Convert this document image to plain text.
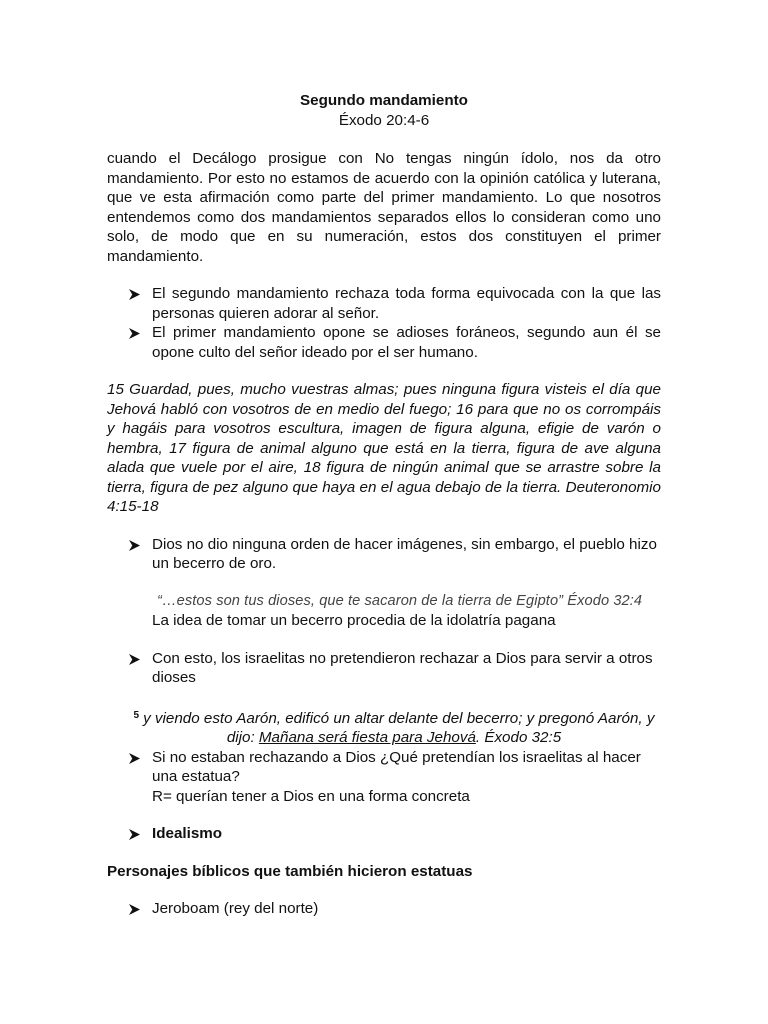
Segundo mandamiento

Éxodo 20:4-6

cuando el Decálogo prosigue con No tengas ningún ídolo, nos da otro mandamiento. Por esto no estamos de acuerdo con la opinión católica y luterana, que ve esta afirmación como parte del primer mandamiento. Lo que nosotros entendemos como dos mandamientos separados ellos lo consideran como uno solo, de modo que en su numeración, estos dos constituyen el primer mandamiento.

El segundo mandamiento rechaza toda forma equivocada con la que las personas quieren adorar al señor.
El primer mandamiento opone se adioses foráneos, segundo aun él se opone culto del señor ideado por el ser humano.

15 Guardad, pues, mucho vuestras almas; pues ninguna figura visteis el día que Jehová habló con vosotros de en medio del fuego; 16 para que no os corrompáis y hagáis para vosotros escultura, imagen de figura alguna, efigie de varón o hembra, 17 figura de animal alguno que está en la tierra, figura de ave alguna alada que vuele por el aire, 18 figura de ningún animal que se arrastre sobre la tierra, figura de pez alguno que haya en el agua debajo de la tierra. Deuteronomio 4:15-18

Dios no dio ninguna orden de hacer imágenes, sin embargo, el pueblo hizo un becerro de oro.

“…estos son tus dioses, que te sacaron de la tierra de Egipto” Éxodo 32:4

La idea de tomar un becerro procedia de la idolatría pagana

Con esto, los israelitas no pretendieron rechazar a Dios para servir a otros dioses

$^5$ y viendo esto Aarón, edificó un altar delante del becerro; y pregonó Aarón, y dijo: Mañana será fiesta para Jehová. Éxodo 32:5

Si no estaban rechazando a Dios ¿Qué pretendían los israelitas al hacer una estatua?

R= querían tener a Dios en una forma concreta

Idealismo

Personajes bíblicos que también hicieron estatuas

Jeroboam (rey del norte)
